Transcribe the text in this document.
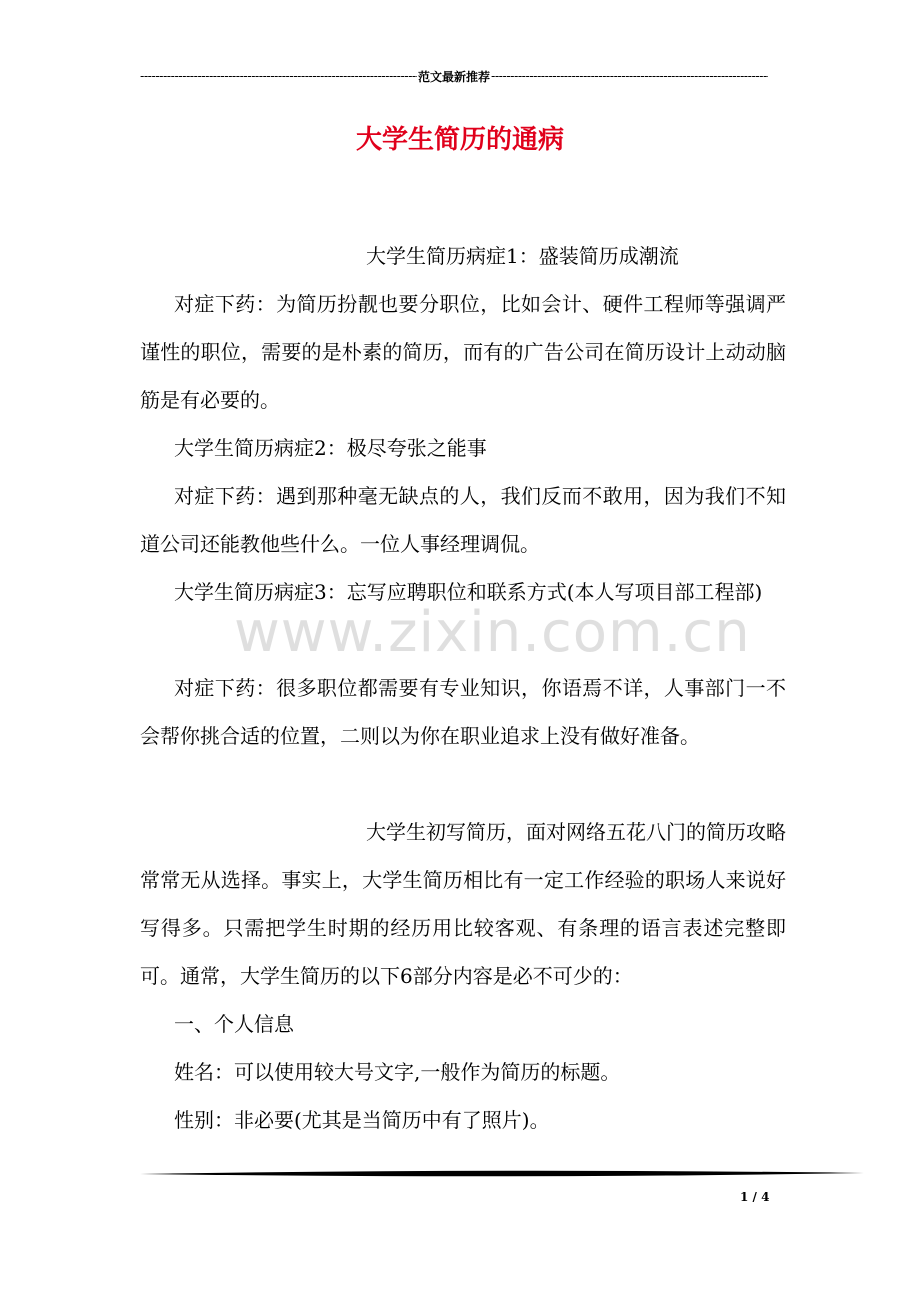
-----
范文最新推荐
-----
大学生简历的通病
www.zixin.com.cn

大学生简历病症1：盛装简历成潮流

对症下药：为简历扮靓也要分职位，比如会计、硬件工程师等强调严谨性的职位，需要的是朴素的简历，而有的广告公司在简历设计上动动脑筋是有必要的。

大学生简历病症2：极尽夸张之能事

对症下药：遇到那种毫无缺点的人，我们反而不敢用，因为我们不知道公司还能教他些什么。一位人事经理调侃。

大学生简历病症3：忘写应聘职位和联系方式(本人写项目部工程部)

对症下药：很多职位都需要有专业知识，你语焉不详，人事部门一不会帮你挑合适的位置，二则以为你在职业追求上没有做好准备。

大学生初写简历，面对网络五花八门的简历攻略常常无从选择。事实上，大学生简历相比有一定工作经验的职场人来说好写得多。只需把学生时期的经历用比较客观、有条理的语言表述完整即可。通常，大学生简历的以下6部分内容是必不可少的：

一、个人信息

姓名：可以使用较大号文字,一般作为简历的标题。

性别：非必要(尤其是当简历中有了照片)。

1 / 4
